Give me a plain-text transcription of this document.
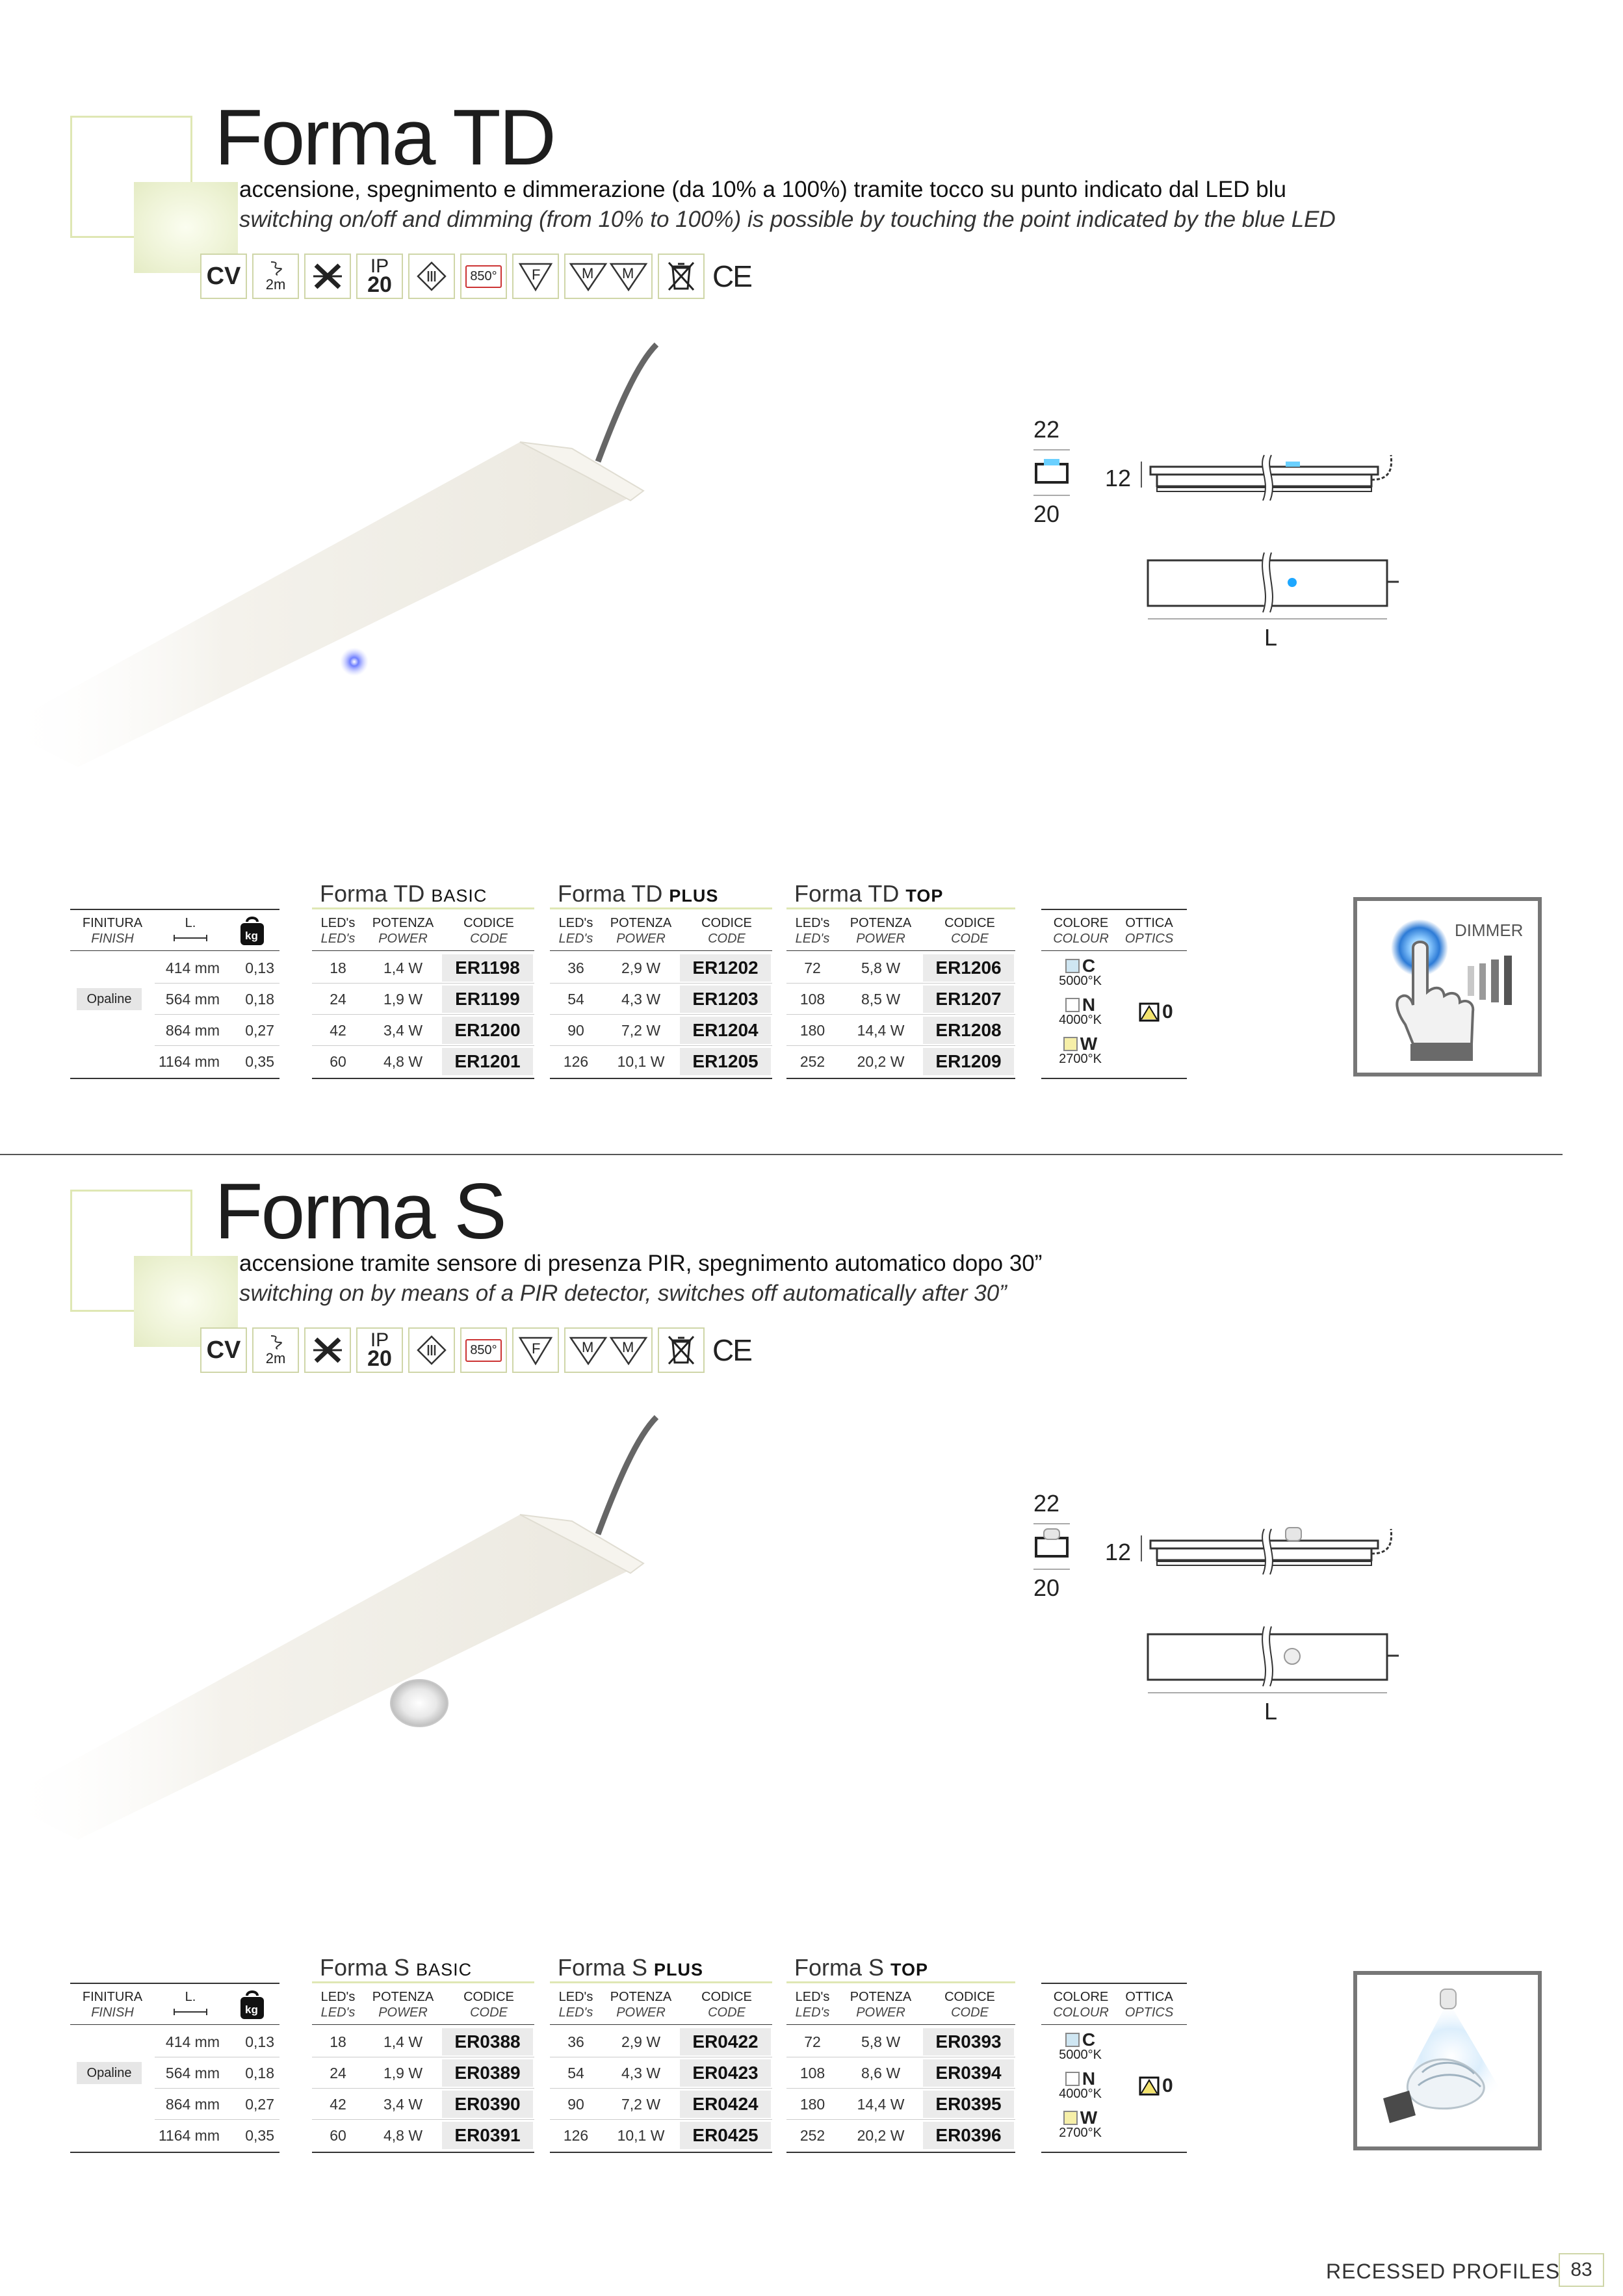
Forma TD
accensione, spegnimento e dimmerazione (da 10% a 100%) tramite tocco su punto indicato dal LED blu
switching on/off and dimming (from 10% to 100%) is possible by touching the point indicated by the blue LED
CV	2m
IP
20	850°	F	M M	CE
22
12
20
L
FINITURA
FINISH
L.
kg
Opaline
414 mm	0,13
564 mm	0,18
864 mm	0,27
1164 mm	0,35
Forma TD BASIC
LED's
LED's
POTENZA
POWER
CODICE
CODE
18	1,4 W	ER1198
24	1,9 W	ER1199
42	3,4 W	ER1200
60	4,8 W	ER1201
Forma TD PLUS
LED's
LED's
POTENZA
POWER
CODICE
CODE
36	2,9 W	ER1202
54	4,3 W	ER1203
90	7,2 W	ER1204
126	10,1 W	ER1205
Forma TD TOP
LED's
LED's
POTENZA
POWER
CODICE
CODE
72	5,8 W	ER1206
108	8,5 W	ER1207
180	14,4 W	ER1208
252	20,2 W	ER1209
COLORE
COLOUR
OTTICA
OPTICS
C
5000°K
N
4000°K
W
2700°K
0
DIMMER
Forma S
accensione tramite sensore di presenza PIR, spegnimento automatico dopo 30”
switching on by means of a PIR detector, switches off automatically after 30”
CV	2m
IP
20	850°	F	M M	CE
22
12
20
L
FINITURA
FINISH
L.
kg
Opaline
414 mm	0,13
564 mm	0,18
864 mm	0,27
1164 mm	0,35
Forma S BASIC
LED's
LED's
POTENZA
POWER
CODICE
CODE
18	1,4 W	ER0388
24	1,9 W	ER0389
42	3,4 W	ER0390
60	4,8 W	ER0391
Forma S PLUS
LED's
LED's
POTENZA
POWER
CODICE
CODE
36	2,9 W	ER0422
54	4,3 W	ER0423
90	7,2 W	ER0424
126	10,1 W	ER0425
Forma S TOP
LED's
LED's
POTENZA
POWER
CODICE
CODE
72	5,8 W	ER0393
108	8,6 W	ER0394
180	14,4 W	ER0395
252	20,2 W	ER0396
COLORE
COLOUR
OTTICA
OPTICS
C
5000°K
N
4000°K
W
2700°K
0
RECESSED PROFILES 83
